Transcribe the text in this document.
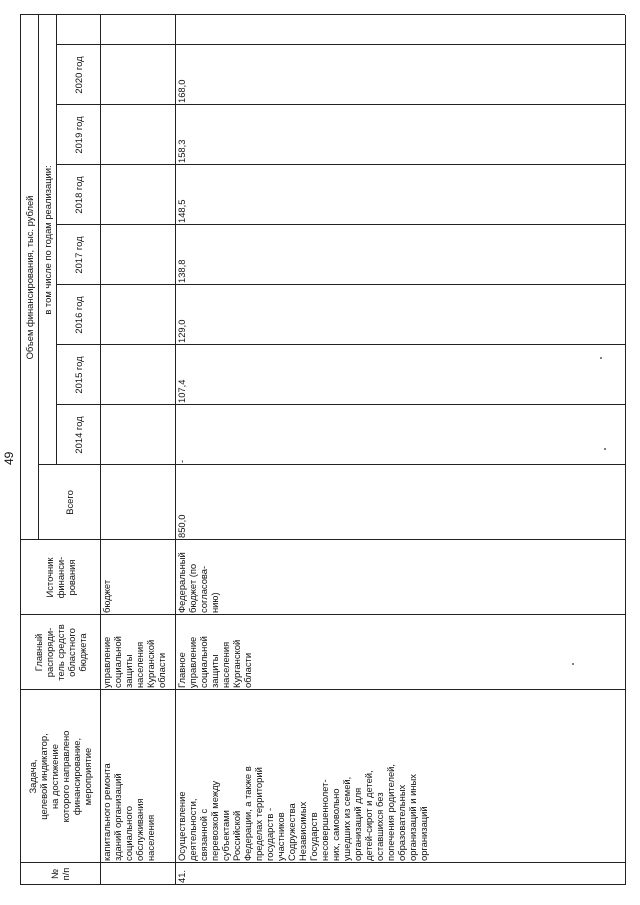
49
№
п/п
Задача,
целевой индикатор,
на достижение
которого направлено
финансирование,
мероприятие
Главный
распоряди-
тель средств
областного
бюджета
Источник
финанси-
рования
Объем финансирования, тыс. рублей
Всего
в том числе по годам реализации:
2014 год
2015 год
2016 год
2017 год
2018 год
2019 год
2020 год
капитального ремонта
зданий организаций
социального
обслуживания
населения
управление
социальной
защиты
населения
Курганской
области
бюджет
41.
Осуществление
деятельности,
связанной с
перевозкой между
субъектами
Российской
Федерации, а также в
пределах территорий
государств -
участников
Содружества
Независимых
Государств
несовершеннолет-
них, самовольно
ушедших из семей,
организаций для
детей-сирот и детей,
оставшихся без
попечения родителей,
образовательных
организаций и иных
организаций
Главное
управление
социальной
защиты
населения
Курганской
области
Федеральный
бюджет (по
согласова-
нию)
850,0
-
107,4
129,0
138,8
148,5
158,3
168,0
